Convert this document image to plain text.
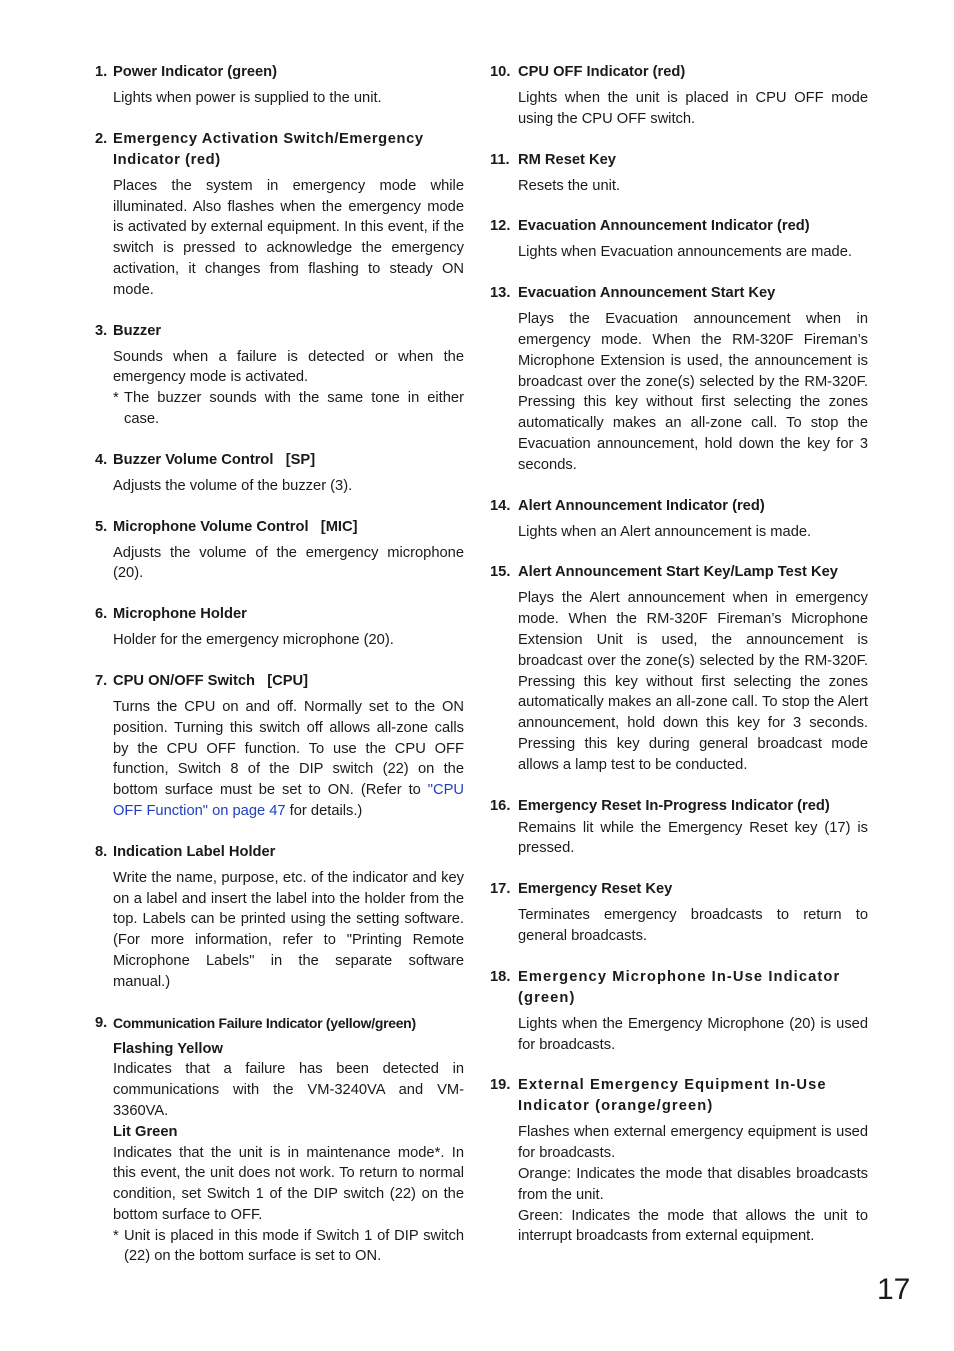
1. Power Indicator (green)

Lights when power is supplied to the unit.

2. Emergency Activation Switch/Emergency Indicator (red)

Places the system in emergency mode while illuminated. Also flashes when the emergency mode is activated by external equipment. In this event, if the switch is pressed to acknowledge the emergency activation, it changes from flashing to steady ON mode.

3. Buzzer

Sounds when a failure is detected or when the emergency mode is activated.

* The buzzer sounds with the same tone in either case.

4. Buzzer Volume Control   [SP]

Adjusts the volume of the buzzer (3).

5. Microphone Volume Control   [MIC]

Adjusts the volume of the emergency microphone (20).

6. Microphone Holder

Holder for the emergency microphone (20).

7. CPU ON/OFF Switch   [CPU]

Turns the CPU on and off. Normally set to the ON position. Turning this switch off allows all-zone calls by the CPU OFF function. To use the CPU OFF function, Switch 8 of the DIP switch (22) on the bottom surface must be set to ON. (Refer to "CPU OFF Function" on page 47 for details.)

8. Indication Label Holder

Write the name, purpose, etc. of the indicator and key on a label and insert the label into the holder from the top. Labels can be printed using the setting software. (For more information, refer to "Printing Remote Microphone Labels" in the separate software manual.)

9. Communication Failure Indicator (yellow/green)

Flashing Yellow

Indicates that a failure has been detected in communications with the VM-3240VA and VM-3360VA.

Lit Green

Indicates that the unit is in maintenance mode*. In this event, the unit does not work. To return to normal condition, set Switch 1 of the DIP switch (22) on the bottom surface to OFF.

* Unit is placed in this mode if Switch 1 of DIP switch (22) on the bottom surface is set to ON.

10. CPU OFF Indicator (red)

Lights when the unit is placed in CPU OFF mode using the CPU OFF switch.

11. RM Reset Key

Resets the unit.

12. Evacuation Announcement Indicator (red)

Lights when Evacuation announcements are made.

13. Evacuation Announcement Start Key

Plays the Evacuation announcement when in emergency mode. When the RM-320F Fireman’s Microphone Extension is used, the announcement is broadcast over the zone(s) selected by the RM-320F. Pressing this key without first selecting the zones automatically makes an all-zone call. To stop the Evacuation announcement, hold down the key for 3 seconds.

14. Alert Announcement Indicator (red)

Lights when an Alert announcement is made.

15. Alert Announcement Start Key/Lamp Test Key

Plays the Alert announcement when in emergency mode. When the RM-320F Fireman’s Microphone Extension Unit is used, the announcement is broadcast over the zone(s) selected by the RM-320F. Pressing this key without first selecting the zones automatically makes an all-zone call. To stop the Alert announcement, hold down this key for 3 seconds. Pressing this key during general broadcast mode allows a lamp test to be conducted.

16. Emergency Reset In-Progress Indicator (red)

Remains lit while the Emergency Reset key (17) is pressed.

17. Emergency Reset Key

Terminates emergency broadcasts to return to general broadcasts.

18. Emergency Microphone In-Use Indicator (green)

Lights when the Emergency Microphone (20) is used for broadcasts.

19. External Emergency Equipment In-Use Indicator (orange/green)

Flashes when external emergency equipment is used for broadcasts.

Orange: Indicates the mode that disables broadcasts from the unit.

Green: Indicates the mode that allows the unit to interrupt broadcasts from external equipment.

17
